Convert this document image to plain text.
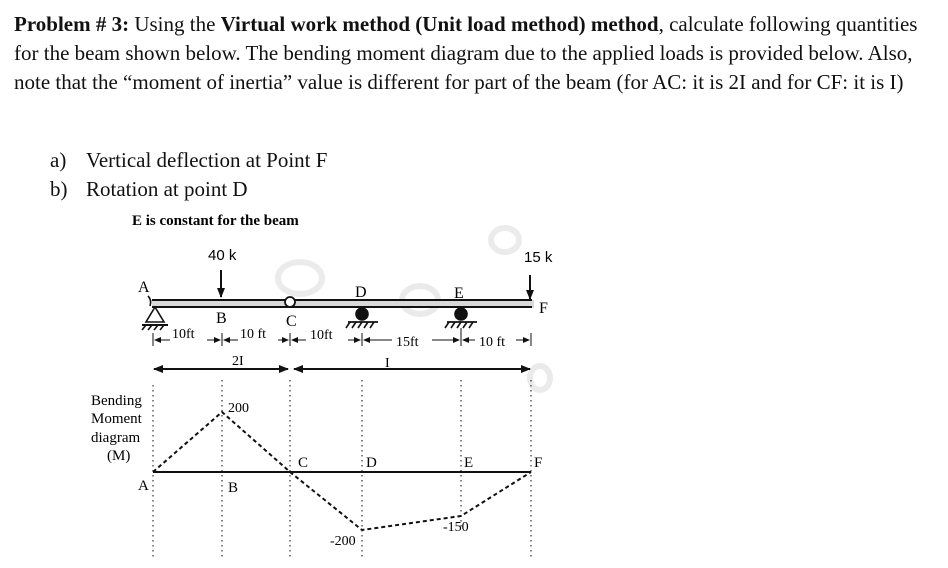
Problem # 3: Using the Virtual work method (Unit load method) method, calculate following quantities for the beam shown below. The bending moment diagram due to the applied loads is provided below. Also, note that the “moment of inertia” value is different for part of the beam (for AC: it is 2I and for CF: it is I)
a) Vertical deflection at Point F
b) Rotation at point D
E is constant for the beam
40 k	15 k
A
B	C
D	E
F
10ft	10 ft	10ft	15ft	10 ft
2I	I
Bending
Moment
diagram
(M)
A	B
C	D	E	F
200
-200
-150
